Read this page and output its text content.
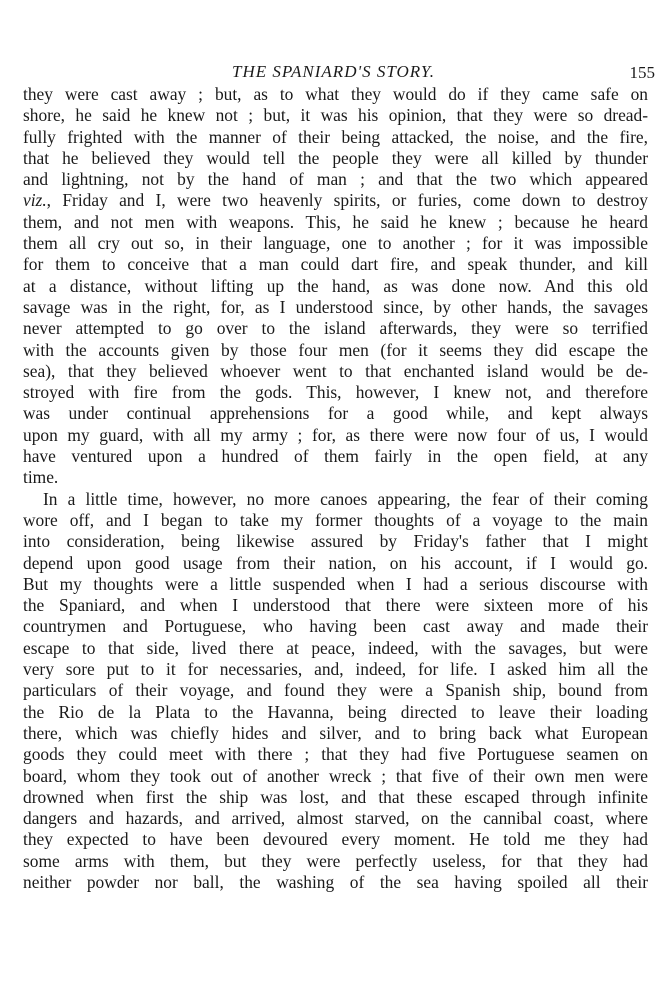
THE SPANIARD'S STORY.	155
they were cast away ; but, as to what they would do if they came safe on
shore, he said he knew not ; but, it was his opinion, that they were so dread-
fully frighted with the manner of their being attacked, the noise, and the fire,
that he believed they would tell the people they were all killed by thunder
and lightning, not by the hand of man ; and that the two which appeared
viz., Friday and I, were two heavenly spirits, or furies, come down to destroy
them, and not men with weapons. This, he said he knew ; because he heard
them all cry out so, in their language, one to another ; for it was impossible
for them to conceive that a man could dart fire, and speak thunder, and kill
at a distance, without lifting up the hand, as was done now. And this old
savage was in the right, for, as I understood since, by other hands, the savages
never attempted to go over to the island afterwards, they were so terrified
with the accounts given by those four men (for it seems they did escape the
sea), that they believed whoever went to that enchanted island would be de-
stroyed with fire from the gods. This, however, I knew not, and therefore
was under continual apprehensions for a good while, and kept always
upon my guard, with all my army ; for, as there were now four of us, I would
have ventured upon a hundred of them fairly in the open field, at any
time.
In a little time, however, no more canoes appearing, the fear of their coming
wore off, and I began to take my former thoughts of a voyage to the main
into consideration, being likewise assured by Friday's father that I might
depend upon good usage from their nation, on his account, if I would go.
But my thoughts were a little suspended when I had a serious discourse with
the Spaniard, and when I understood that there were sixteen more of his
countrymen and Portuguese, who having been cast away and made their
escape to that side, lived there at peace, indeed, with the savages, but were
very sore put to it for necessaries, and, indeed, for life. I asked him all the
particulars of their voyage, and found they were a Spanish ship, bound from
the Rio de la Plata to the Havanna, being directed to leave their loading
there, which was chiefly hides and silver, and to bring back what European
goods they could meet with there ; that they had five Portuguese seamen on
board, whom they took out of another wreck ; that five of their own men were
drowned when first the ship was lost, and that these escaped through infinite
dangers and hazards, and arrived, almost starved, on the cannibal coast, where
they expected to have been devoured every moment. He told me they had
some arms with them, but they were perfectly useless, for that they had
neither powder nor ball, the washing of the sea having spoiled all their
